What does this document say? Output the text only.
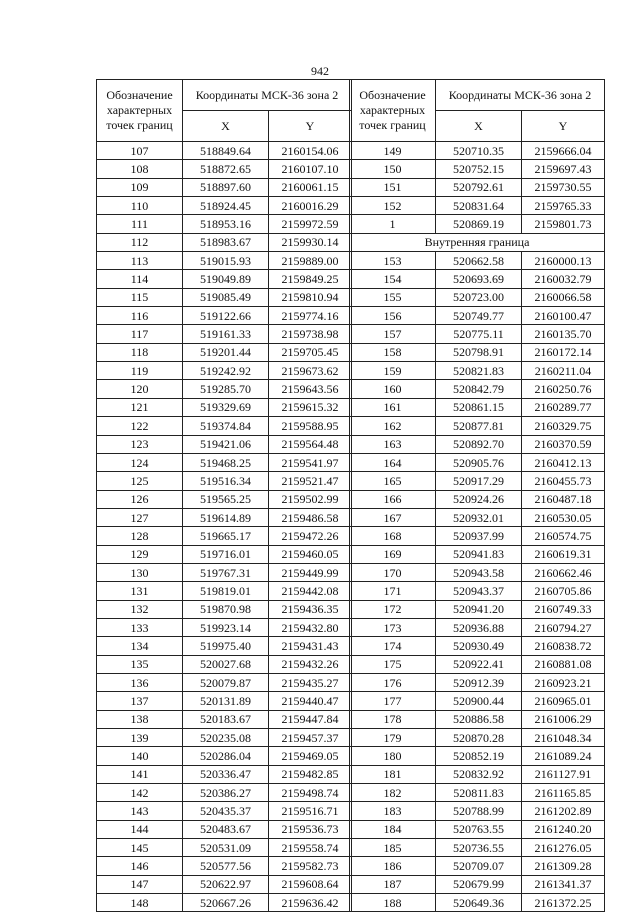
942
Обозначение характерных точек границ	Координаты МСК-36 зона 2	
	X	Y
107	518849.64	2160154.06
108	518872.65	2160107.10
109	518897.60	2160061.15
110	518924.45	2160016.29
111	518953.16	2159972.59
112	518983.67	2159930.14
113	519015.93	2159889.00
114	519049.89	2159849.25
115	519085.49	2159810.94
116	519122.66	2159774.16
117	519161.33	2159738.98
118	519201.44	2159705.45
119	519242.92	2159673.62
120	519285.70	2159643.56
121	519329.69	2159615.32
122	519374.84	2159588.95
123	519421.06	2159564.48
124	519468.25	2159541.97
125	519516.34	2159521.47
126	519565.25	2159502.99
127	519614.89	2159486.58
128	519665.17	2159472.26
129	519716.01	2159460.05
130	519767.31	2159449.99
131	519819.01	2159442.08
132	519870.98	2159436.35
133	519923.14	2159432.80
134	519975.40	2159431.43
135	520027.68	2159432.26
136	520079.87	2159435.27
137	520131.89	2159440.47
138	520183.67	2159447.84
139	520235.08	2159457.37
140	520286.04	2159469.05
141	520336.47	2159482.85
142	520386.27	2159498.74
143	520435.37	2159516.71
144	520483.67	2159536.73
145	520531.09	2159558.74
146	520577.56	2159582.73
147	520622.97	2159608.64
148	520667.26	2159636.42
Обозначение характерных точек границ	Координаты МСК-36 зона 2	
	X	Y
149	520710.35	2159666.04
150	520752.15	2159697.43
151	520792.61	2159730.55
152	520831.64	2159765.33
1	520869.19	2159801.73
Внутренняя граница		
153	520662.58	2160000.13
154	520693.69	2160032.79
155	520723.00	2160066.58
156	520749.77	2160100.47
157	520775.11	2160135.70
158	520798.91	2160172.14
159	520821.83	2160211.04
160	520842.79	2160250.76
161	520861.15	2160289.77
162	520877.81	2160329.75
163	520892.70	2160370.59
164	520905.76	2160412.13
165	520917.29	2160455.73
166	520924.26	2160487.18
167	520932.01	2160530.05
168	520937.99	2160574.75
169	520941.83	2160619.31
170	520943.58	2160662.46
171	520943.37	2160705.86
172	520941.20	2160749.33
173	520936.88	2160794.27
174	520930.49	2160838.72
175	520922.41	2160881.08
176	520912.39	2160923.21
177	520900.44	2160965.01
178	520886.58	2161006.29
179	520870.28	2161048.34
180	520852.19	2161089.24
181	520832.92	2161127.91
182	520811.83	2161165.85
183	520788.99	2161202.89
184	520763.55	2161240.20
185	520736.55	2161276.05
186	520709.07	2161309.28
187	520679.99	2161341.37
188	520649.36	2161372.25
